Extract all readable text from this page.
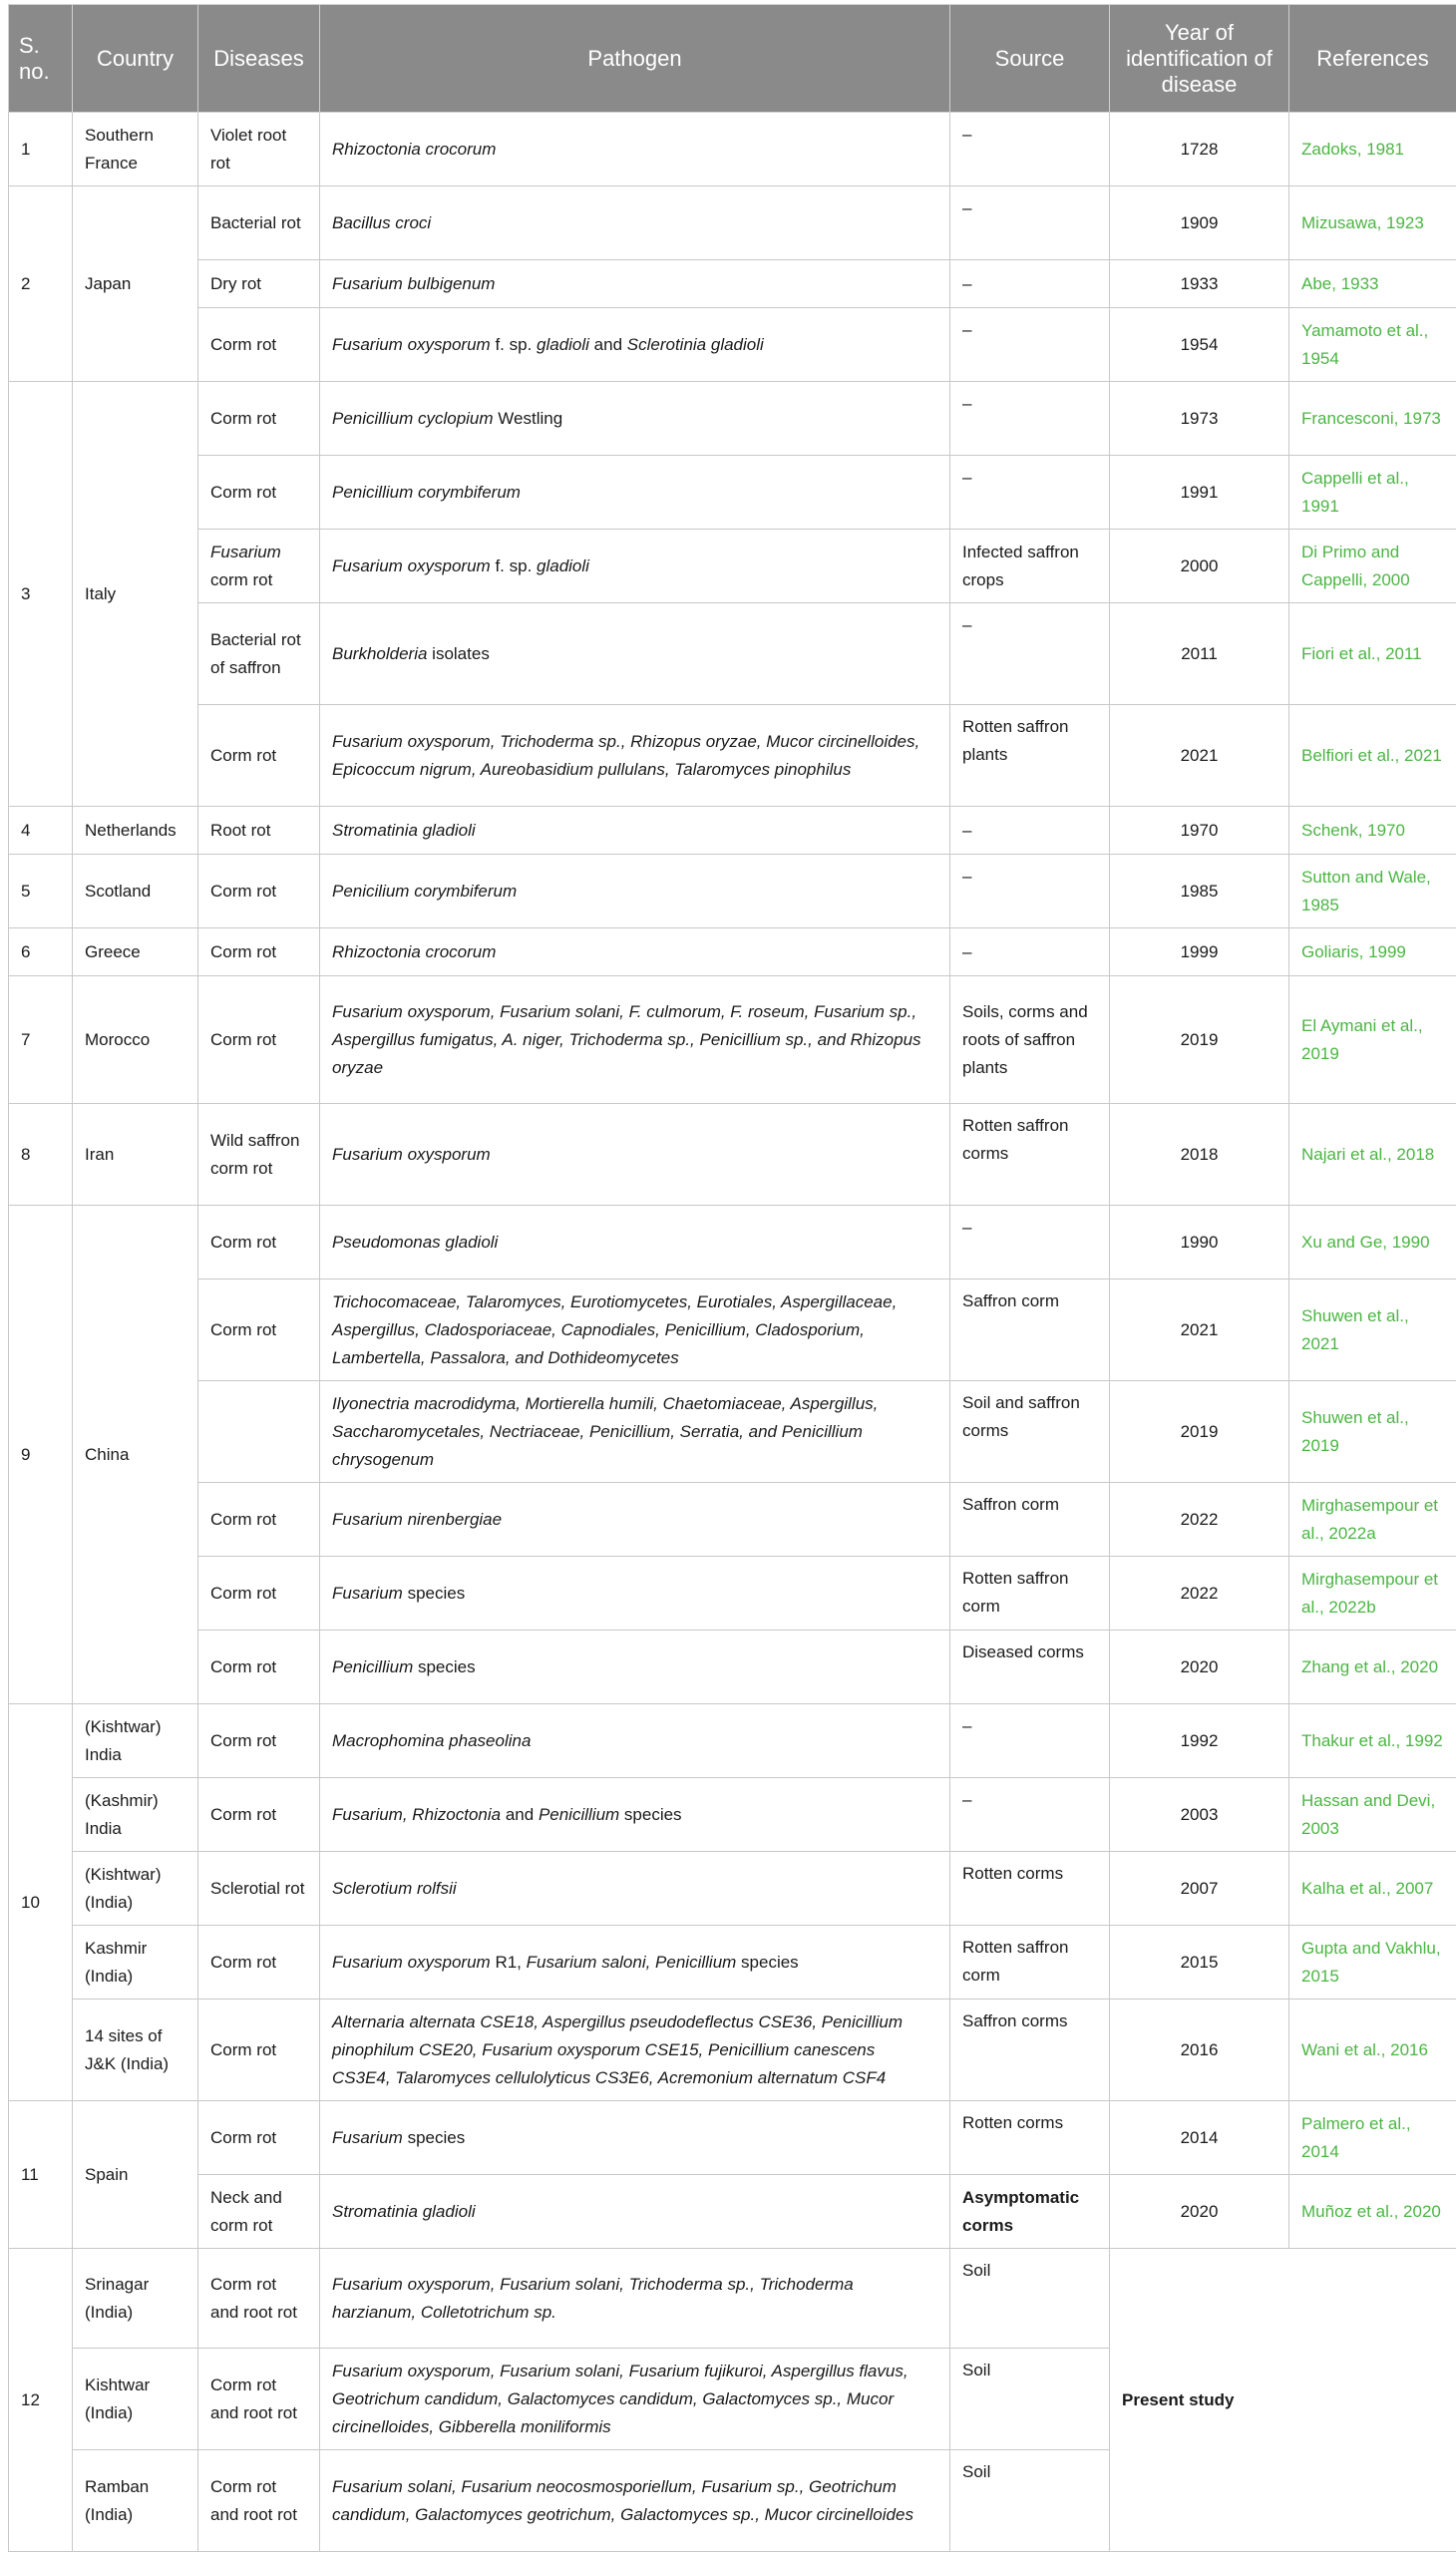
S. no.	Country	Diseases	Pathogen	Source	Year of identification of disease	References
1	Southern France	Violet root rot	Rhizoctonia crocorum	–	1728	Zadoks, 1981
2	Japan	Bacterial rot	Bacillus croci	–	1909	Mizusawa, 1923
		Dry rot	Fusarium bulbigenum	–	1933	Abe, 1933
		Corm rot	Fusarium oxysporum f. sp. gladioli and Sclerotinia gladioli	–	1954	Yamamoto et al., 1954
3	Italy	Corm rot	Penicillium cyclopium Westling	–	1973	Francesconi, 1973
		Corm rot	Penicillium corymbiferum	–	1991	Cappelli et al., 1991
		Fusarium corm rot	Fusarium oxysporum f. sp. gladioli	Infected saffron crops	2000	Di Primo and Cappelli, 2000
		Bacterial rot of saffron	Burkholderia isolates	–	2011	Fiori et al., 2011
		Corm rot	Fusarium oxysporum, Trichoderma sp., Rhizopus oryzae, Mucor circinelloides, Epicoccum nigrum, Aureobasidium pullulans, Talaromyces pinophilus	Rotten saffron plants	2021	Belfiori et al., 2021
4	Netherlands	Root rot	Stromatinia gladioli	–	1970	Schenk, 1970
5	Scotland	Corm rot	Penicilium corymbiferum	–	1985	Sutton and Wale, 1985
6	Greece	Corm rot	Rhizoctonia crocorum	–	1999	Goliaris, 1999
7	Morocco	Corm rot	Fusarium oxysporum, Fusarium solani, F. culmorum, F. roseum, Fusarium sp., Aspergillus fumigatus, A. niger, Trichoderma sp., Penicillium sp., and Rhizopus oryzae	Soils, corms and roots of saffron plants	2019	El Aymani et al., 2019
8	Iran	Wild saffron corm rot	Fusarium oxysporum	Rotten saffron corms	2018	Najari et al., 2018
9	China	Corm rot	Pseudomonas gladioli	–	1990	Xu and Ge, 1990
		Corm rot	Trichocomaceae, Talaromyces, Eurotiomycetes, Eurotiales, Aspergillaceae, Aspergillus, Cladosporiaceae, Capnodiales, Penicillium, Cladosporium, Lambertella, Passalora, and Dothideomycetes	Saffron corm	2021	Shuwen et al., 2021
			Ilyonectria macrodidyma, Mortierella humili, Chaetomiaceae, Aspergillus, Saccharomycetales, Nectriaceae, Penicillium, Serratia, and Penicillium chrysogenum	Soil and saffron corms	2019	Shuwen et al., 2019
		Corm rot	Fusarium nirenbergiae	Saffron corm	2022	Mirghasempour et al., 2022a
		Corm rot	Fusarium species	Rotten saffron corm	2022	Mirghasempour et al., 2022b
		Corm rot	Penicillium species	Diseased corms	2020	Zhang et al., 2020
10	(Kishtwar) India	Corm rot	Macrophomina phaseolina	–	1992	Thakur et al., 1992
	(Kashmir) India	Corm rot	Fusarium, Rhizoctonia and Penicillium species	–	2003	Hassan and Devi, 2003
	(Kishtwar) (India)	Sclerotial rot	Sclerotium rolfsii	Rotten corms	2007	Kalha et al., 2007
	Kashmir (India)	Corm rot	Fusarium oxysporum R1, Fusarium saloni, Penicillium species	Rotten saffron corm	2015	Gupta and Vakhlu, 2015
	14 sites of J&K (India)	Corm rot	Alternaria alternata CSE18, Aspergillus pseudodeflectus CSE36, Penicillium pinophilum CSE20, Fusarium oxysporum CSE15, Penicillium canescens CS3E4, Talaromyces cellulolyticus CS3E6, Acremonium alternatum CSF4	Saffron corms	2016	Wani et al., 2016
11	Spain	Corm rot	Fusarium species	Rotten corms	2014	Palmero et al., 2014
		Neck and corm rot	Stromatinia gladioli	Asymptomatic corms	2020	Muñoz et al., 2020
12	Srinagar (India)	Corm rot and root rot	Fusarium oxysporum, Fusarium solani, Trichoderma sp., Trichoderma harzianum, Colletotrichum sp.	Soil	Present study	
	Kishtwar (India)	Corm rot and root rot	Fusarium oxysporum, Fusarium solani, Fusarium fujikuroi, Aspergillus flavus, Geotrichum candidum, Galactomyces candidum, Galactomyces sp., Mucor circinelloides, Gibberella moniliformis	Soil		
	Ramban (India)	Corm rot and root rot	Fusarium solani, Fusarium neocosmosporiellum, Fusarium sp., Geotrichum candidum, Galactomyces geotrichum, Galactomyces sp., Mucor circinelloides	Soil		
